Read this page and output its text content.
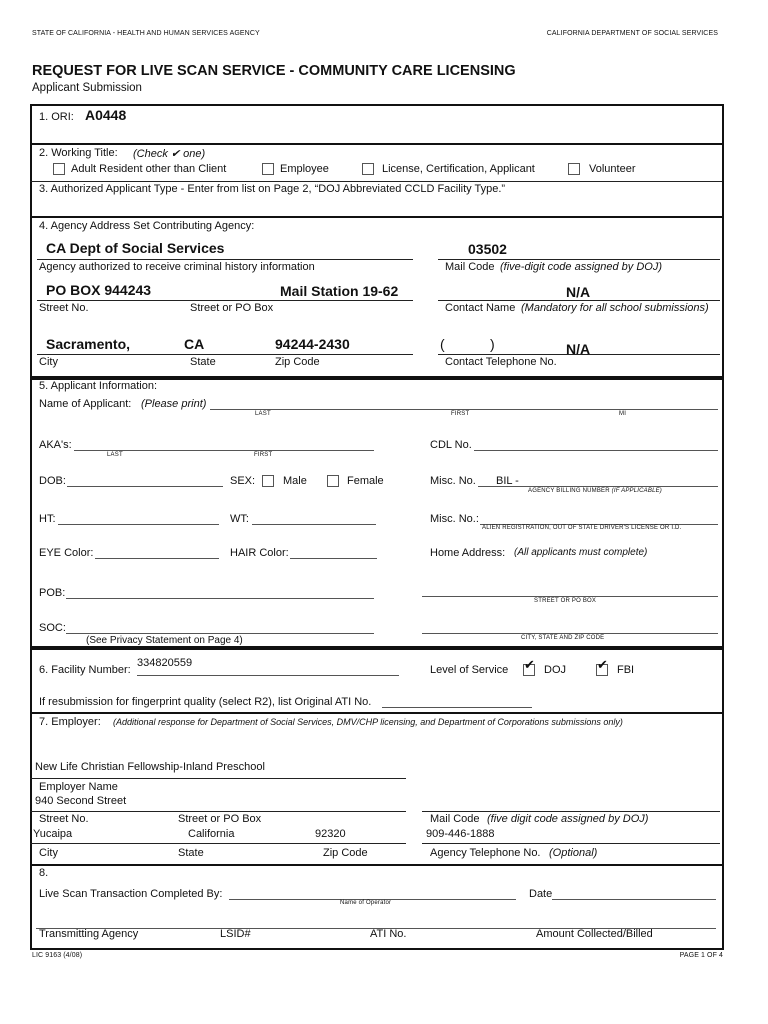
STATE OF CALIFORNIA - HEALTH AND HUMAN SERVICES AGENCY	CALIFORNIA DEPARTMENT OF SOCIAL SERVICES
REQUEST FOR LIVE SCAN SERVICE - COMMUNITY CARE LICENSING
Applicant Submission
1. ORI: A0448
2. Working Title: (Check ✔ one)
Adult Resident other than Client	Employee	License, Certification, Applicant	Volunteer
3. Authorized Applicant Type - Enter from list on Page 2, “DOJ Abbreviated CCLD Facility Type.”
4. Agency Address Set Contributing Agency:
CA Dept of Social Services	03502
Agency authorized to receive criminal history information	Mail Code (five-digit code assigned by DOJ)
PO BOX 944243	Mail Station 19-62	N/A
Street No.	Street or PO Box	Contact Name (Mandatory for all school submissions)
Sacramento,	CA	94244-2430	(	)	N/A
City	State	Zip Code	Contact Telephone No.
5. Applicant Information:
Name of Applicant: (Please print)
LAST	FIRST	MI
AKA's:
LAST	FIRST
CDL No.
DOB:	SEX:	Male	Female	Misc. No. BIL -
AGENCY BILLING NUMBER (IF APPLICABLE)
HT:	WT:	Misc. No.:
ALIEN REGISTRATION, OUT OF STATE DRIVER'S LICENSE OR I.D.
EYE Color:	HAIR Color:	Home Address: (All applicants must complete)
POB:
STREET OR PO BOX
SOC:
(See Privacy Statement on Page 4)	CITY, STATE AND ZIP CODE
6. Facility Number:
334820559
Level of Service ✔ DOJ ✔ FBI
If resubmission for fingerprint quality (select R2), list Original ATI No.
7. Employer: (Additional response for Department of Social Services, DMV/CHP licensing, and Department of Corporations submissions only)
New Life Christian Fellowship-Inland Preschool
Employer Name
940 Second Street
Street No.	Street or PO Box	Mail Code (five digit code assigned by DOJ)
Yucaipa	California	92320	909-446-1888
City	State	Zip Code	Agency Telephone No. (Optional)
8.
Live Scan Transaction Completed By:
Name of Operator
Date
Transmitting Agency	LSID#	ATI No.	Amount Collected/Billed
LIC 9163 (4/08)	PAGE 1 OF 4
